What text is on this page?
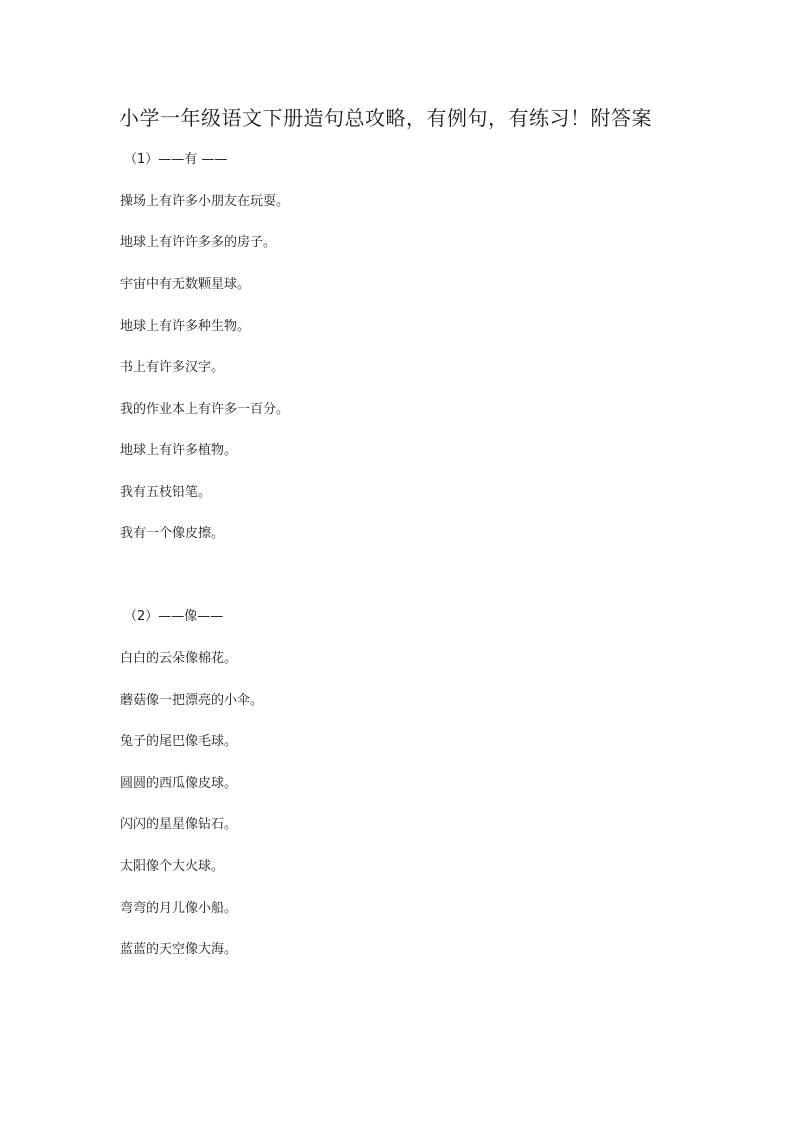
小学一年级语文下册造句总攻略，有例句，有练习！附答案
（1）——有 ——
操场上有许多小朋友在玩耍。
地球上有许许多多的房子。
宇宙中有无数颗星球。
地球上有许多种生物。
书上有许多汉字。
我的作业本上有许多一百分。
地球上有许多植物。
我有五枝铅笔。
我有一个像皮擦。
（2）——像——
白白的云朵像棉花。
蘑菇像一把漂亮的小伞。
兔子的尾巴像毛球。
圆圆的西瓜像皮球。
闪闪的星星像钻石。
太阳像个大火球。
弯弯的月儿像小船。
蓝蓝的天空像大海。
